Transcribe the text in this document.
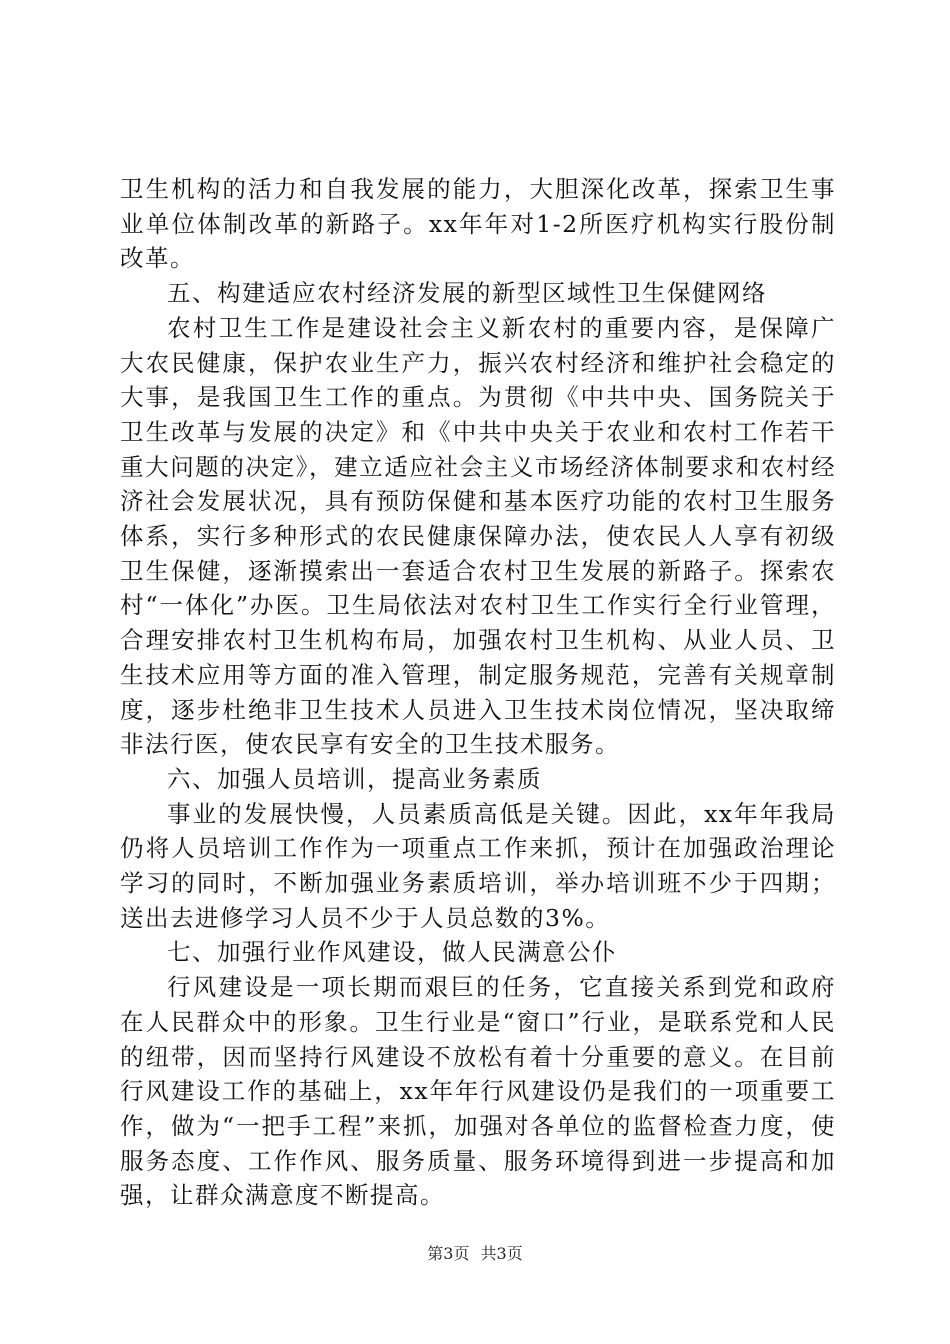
卫生机构的活力和自我发展的能力，大胆深化改革，探索卫生事业单位体制改革的新路子。xx年年对1-2所医疗机构实行股份制改革。

五、构建适应农村经济发展的新型区域性卫生保健网络

农村卫生工作是建设社会主义新农村的重要内容，是保障广大农民健康，保护农业生产力，振兴农村经济和维护社会稳定的大事，是我国卫生工作的重点。为贯彻《中共中央、国务院关于卫生改革与发展的决定》和《中共中央关于农业和农村工作若干重大问题的决定》，建立适应社会主义市场经济体制要求和农村经济社会发展状况，具有预防保健和基本医疗功能的农村卫生服务体系，实行多种形式的农民健康保障办法，使农民人人享有初级卫生保健，逐渐摸索出一套适合农村卫生发展的新路子。探索农村“一体化”办医。卫生局依法对农村卫生工作实行全行业管理，合理安排农村卫生机构布局，加强农村卫生机构、从业人员、卫生技术应用等方面的准入管理，制定服务规范，完善有关规章制度，逐步杜绝非卫生技术人员进入卫生技术岗位情况，坚决取缔非法行医，使农民享有安全的卫生技术服务。

六、加强人员培训，提高业务素质

事业的发展快慢，人员素质高低是关键。因此，xx年年我局仍将人员培训工作作为一项重点工作来抓，预计在加强政治理论学习的同时，不断加强业务素质培训，举办培训班不少于四期；送出去进修学习人员不少于人员总数的3%。

七、加强行业作风建设，做人民满意公仆

行风建设是一项长期而艰巨的任务，它直接关系到党和政府在人民群众中的形象。卫生行业是“窗口”行业，是联系党和人民的纽带，因而坚持行风建设不放松有着十分重要的意义。在目前行风建设工作的基础上，xx年年行风建设仍是我们的一项重要工作，做为“一把手工程”来抓，加强对各单位的监督检查力度，使服务态度、工作作风、服务质量、服务环境得到进一步提高和加强，让群众满意度不断提高。

第3页 共3页
